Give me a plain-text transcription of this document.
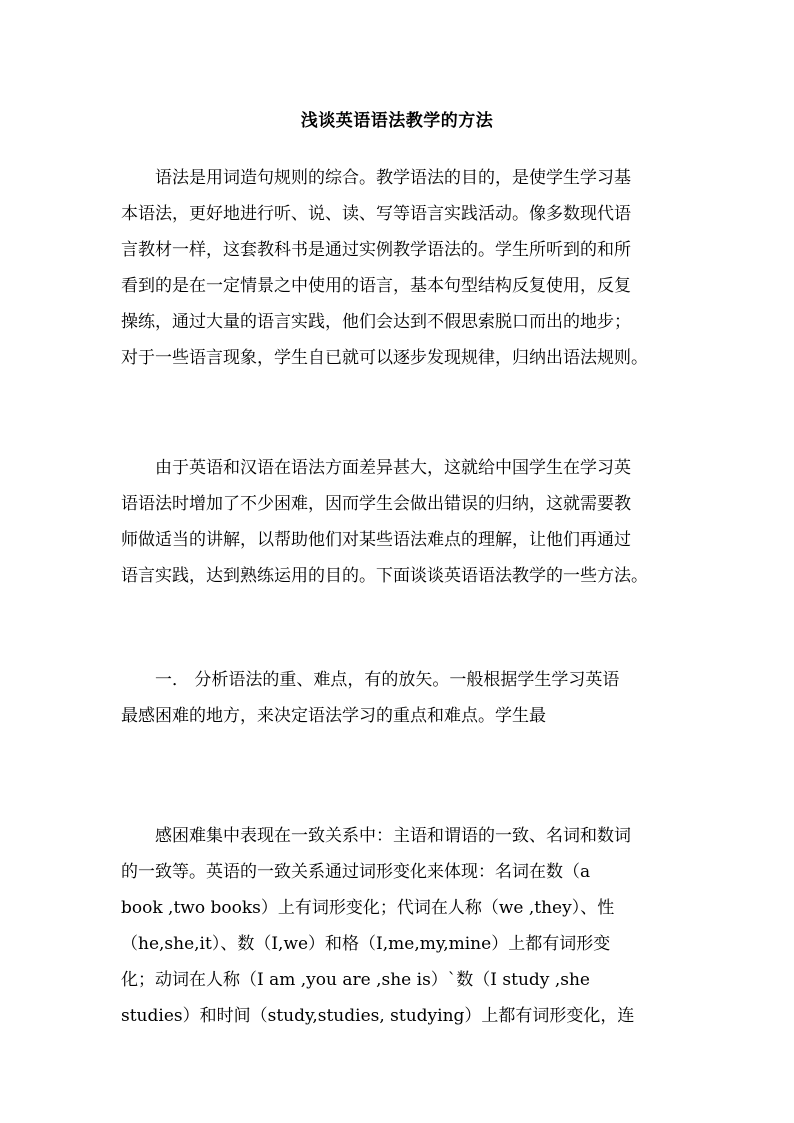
浅谈英语语法教学的方法
语法是用词造句规则的综合。教学语法的目的，是使学生学习基
本语法，更好地进行听、说、读、写等语言实践活动。像多数现代语
言教材一样，这套教科书是通过实例教学语法的。学生所听到的和所
看到的是在一定情景之中使用的语言，基本句型结构反复使用，反复
操练，通过大量的语言实践，他们会达到不假思索脱口而出的地步；
对于一些语言现象，学生自已就可以逐步发现规律，归纳出语法规则。
由于英语和汉语在语法方面差异甚大，这就给中国学生在学习英
语语法时增加了不少困难，因而学生会做出错误的归纳，这就需要教
师做适当的讲解，以帮助他们对某些语法难点的理解，让他们再通过
语言实践，达到熟练运用的目的。下面谈谈英语语法教学的一些方法。
一． 分析语法的重、难点，有的放矢。一般根据学生学习英语
最感困难的地方，来决定语法学习的重点和难点。学生最
感困难集中表现在一致关系中：主语和谓语的一致、名词和数词
的一致等。英语的一致关系通过词形变化来体现：名词在数（a
book ,two books）上有词形变化；代词在人称（we ,they）、性
（he,she,it）、数（I,we）和格（I,me,my,mine）上都有词形变
化；动词在人称（I am ,you are ,she is）`数（I study ,she
studies）和时间（study,studies, studying）上都有词形变化，连
